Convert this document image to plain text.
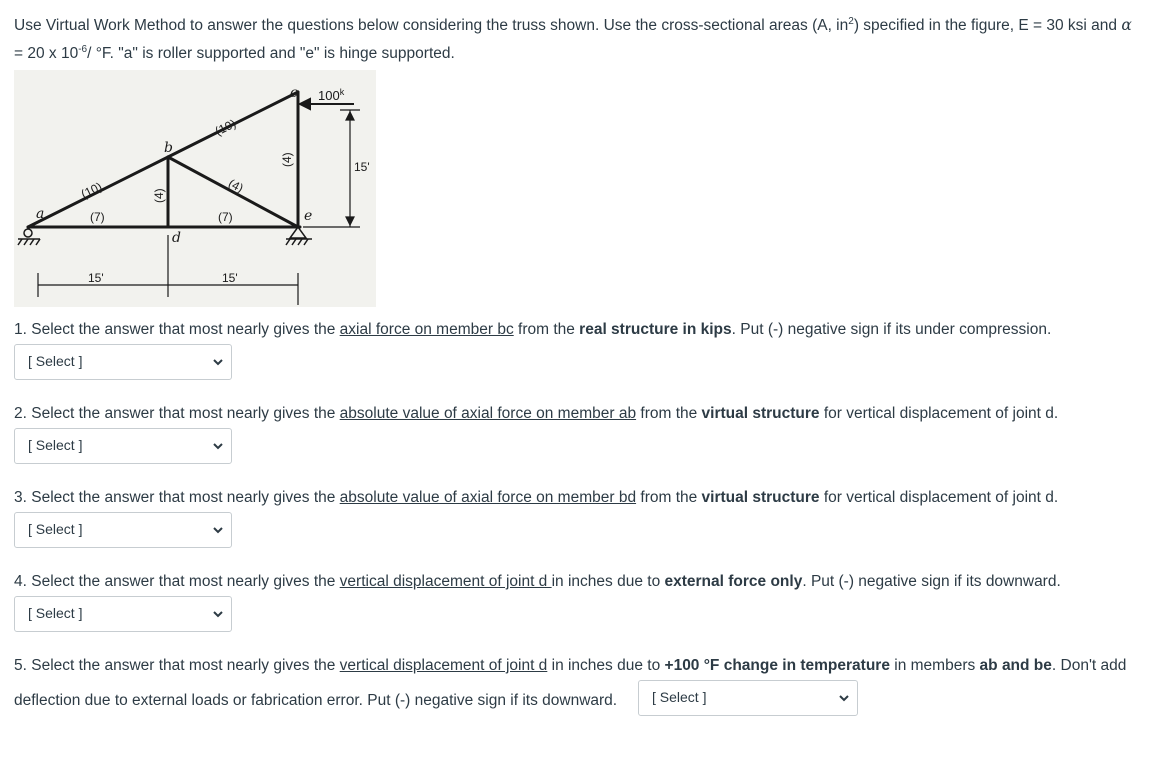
Use Virtual Work Method to answer the questions below considering the truss shown. Use the cross-sectional areas (A, $in^2$) specified in the figure, E = 30 ksi and α
= 20 x $10^{-6}/$ °F. "a" is roller supported and "e" is hinge supported.
a
b
c
d
e
100$^k$
(10)
(7)
(10)
(4)
(4)
(7)
(4)
15'	15'
15'
1. Select the answer that most nearly gives the axial force on member bc from the real structure in kips. Put (-) negative sign if its under compression.
[ Select ]
2. Select the answer that most nearly gives the absolute value of axial force on member ab from the virtual structure for vertical displacement of joint d.
[ Select ]
3. Select the answer that most nearly gives the absolute value of axial force on member bd from the virtual structure for vertical displacement of joint d.
[ Select ]
4. Select the answer that most nearly gives the vertical displacement of joint d in inches due to external force only. Put (-) negative sign if its downward.
[ Select ]
5. Select the answer that most nearly gives the vertical displacement of joint d in inches due to +100 °F change in temperature in members ab and be. Don't add
deflection due to external loads or fabrication error. Put (-) negative sign if its downward.	[ Select ]
